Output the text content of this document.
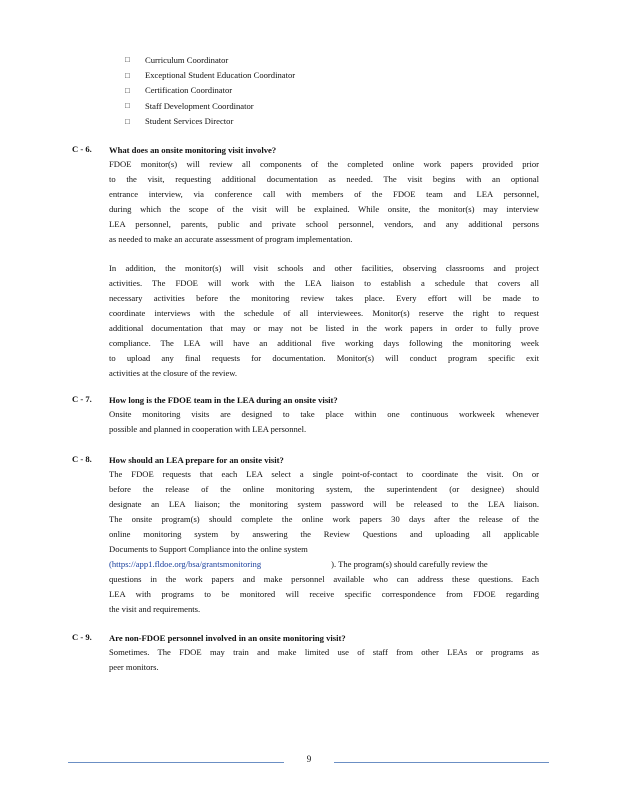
□	Curriculum Coordinator
□	Exceptional Student Education Coordinator
□	Certification Coordinator
□	Staff Development Coordinator
□	Student Services Director
C - 6. What does an onsite monitoring visit involve?
FDOE monitor(s) will review all components of the completed online work papers provided prior
to the visit, requesting additional documentation as needed. The visit begins with an optional
entrance interview, via conference call with members of the FDOE team and LEA personnel,
during which the scope of the visit will be explained. While onsite, the monitor(s) may interview
LEA personnel, parents, public and private school personnel, vendors, and any additional persons
as needed to make an accurate assessment of program implementation.
In addition, the monitor(s) will visit schools and other facilities, observing classrooms and project
activities. The FDOE will work with the LEA liaison to establish a schedule that covers all
necessary activities before the monitoring review takes place. Every effort will be made to
coordinate interviews with the schedule of all interviewees. Monitor(s) reserve the right to request
additional documentation that may or may not be listed in the work papers in order to fully prove
compliance. The LEA will have an additional five working days following the monitoring week
to upload any final requests for documentation. Monitor(s) will conduct program specific exit
activities at the closure of the review.
C - 7. How long is the FDOE team in the LEA during an onsite visit?
Onsite monitoring visits are designed to take place within one continuous workweek whenever
possible and planned in cooperation with LEA personnel.
C - 8. How should an LEA prepare for an onsite visit?
The FDOE requests that each LEA select a single point-of-contact to coordinate the visit. On or
before the release of the online monitoring system, the superintendent (or designee) should
designate an LEA liaison; the monitoring system password will be released to the LEA liaison.
The onsite program(s) should complete the online work papers 30 days after the release of the
online monitoring system by answering the Review Questions and uploading all applicable
Documents to Support Compliance into the online system
(https://app1.fldoe.org/bsa/grantsmonitoring	). The program(s) should carefully review the
questions in the work papers and make personnel available who can address these questions. Each
LEA with programs to be monitored will receive specific correspondence from FDOE regarding
the visit and requirements.
C - 9. Are non-FDOE personnel involved in an onsite monitoring visit?
Sometimes. The FDOE may train and make limited use of staff from other LEAs or programs as
peer monitors.
9
